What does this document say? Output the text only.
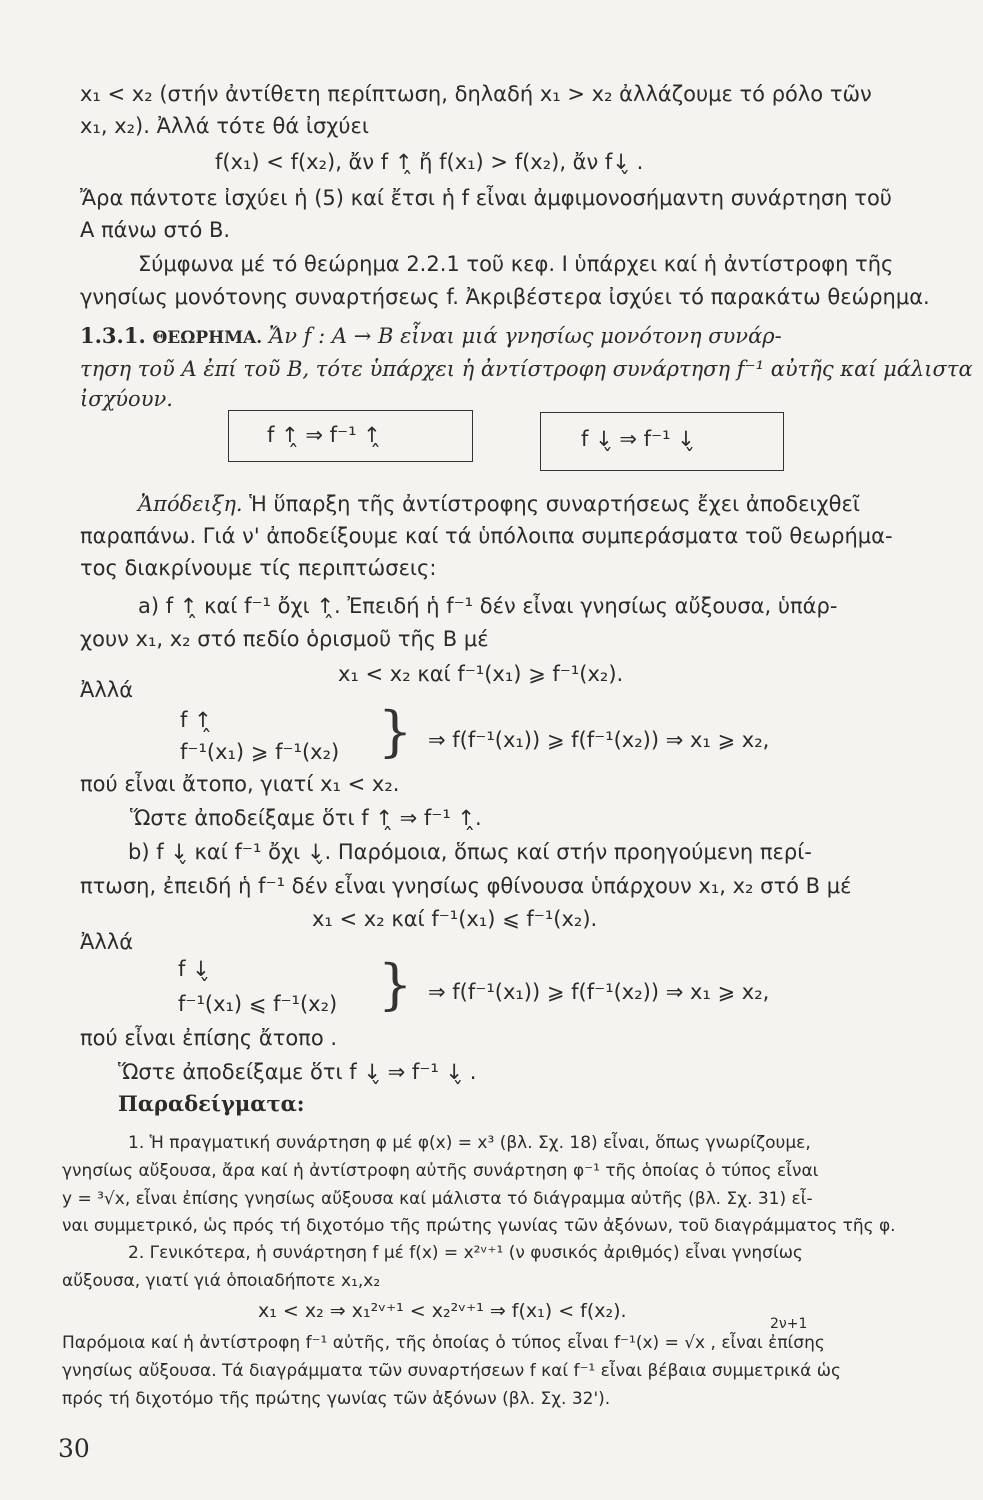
x₁ < x₂ (στήν ἀντίθετη περίπτωση, δηλαδή x₁ > x₂ ἀλλάζουμε τό ρόλο τῶν
x₁, x₂). Ἀλλά τότε θά ἰσχύει
f(x₁) < f(x₂), ἄν f ↑̭ ἤ f(x₁) > f(x₂), ἄν f↓̬ .
Ἄρα πάντοτε ἰσχύει ἡ (5) καί ἔτσι ἡ f εἶναι ἀμφιμονοσήμαντη συνάρτηση τοῦ
A πάνω στό B.
Σύμφωνα μέ τό θεώρημα 2.2.1 τοῦ κεφ. I ὑπάρχει καί ἡ ἀντίστροφη τῆς
γνησίως μονότονης συναρτήσεως f. Ἀκριβέστερα ἰσχύει τό παρακάτω θεώρημα.
1.3.1. ΘΕΩΡΗΜΑ. Ἄν f : A → B εἶναι μιά γνησίως μονότονη συνάρ-
τηση τοῦ A ἐπί τοῦ B, τότε ὑπάρχει ἡ ἀντίστροφη συνάρτηση f⁻¹ αὐτῆς καί μάλιστα
ἰσχύουν.
f ↑̭ ⇒ f⁻¹ ↑̭	f ↓̬ ⇒ f⁻¹ ↓̬
Ἀπόδειξη. Ἡ ὕπαρξη τῆς ἀντίστροφης συναρτήσεως ἔχει ἀποδειχθεῖ
παραπάνω. Γιά ν' ἀποδείξουμε καί τά ὑπόλοιπα συμπεράσματα τοῦ θεωρήμα-
τος διακρίνουμε τίς περιπτώσεις:
a) f ↑̭ καί f⁻¹ ὄχι ↑̭. Ἐπειδή ἡ f⁻¹ δέν εἶναι γνησίως αὔξουσα, ὑπάρ-
χουν x₁, x₂ στό πεδίο ὁρισμοῦ τῆς B μέ
x₁ < x₂ καί f⁻¹(x₁) ⩾ f⁻¹(x₂).
Ἀλλά
f ↑̭
f⁻¹(x₁) ⩾ f⁻¹(x₂) } ⇒ f(f⁻¹(x₁)) ⩾ f(f⁻¹(x₂)) ⇒ x₁ ⩾ x₂,
πού εἶναι ἄτοπο, γιατί x₁ < x₂.
Ὥστε ἀποδείξαμε ὅτι f ↑̭ ⇒ f⁻¹ ↑̭.
b) f ↓̬ καί f⁻¹ ὄχι ↓̬. Παρόμοια, ὅπως καί στήν προηγούμενη περί-
πτωση, ἐπειδή ἡ f⁻¹ δέν εἶναι γνησίως φθίνουσα ὑπάρχουν x₁, x₂ στό B μέ
x₁ < x₂ καί f⁻¹(x₁) ⩽ f⁻¹(x₂).
Ἀλλά
f ↓̬
f⁻¹(x₁) ⩽ f⁻¹(x₂) } ⇒ f(f⁻¹(x₁)) ⩾ f(f⁻¹(x₂)) ⇒ x₁ ⩾ x₂,
πού εἶναι ἐπίσης ἄτοπο .
Ὥστε ἀποδείξαμε ὅτι f ↓̬ ⇒ f⁻¹ ↓̬ .
Παραδείγματα:
1. Ἡ πραγματική συνάρτηση φ μέ φ(x) = x³ (βλ. Σχ. 18) εἶναι, ὅπως γνωρίζουμε,
γνησίως αὔξουσα, ἄρα καί ἡ ἀντίστροφη αὐτῆς συνάρτηση φ⁻¹ τῆς ὁποίας ὁ τύπος εἶναι
y = ³√x, εἶναι ἐπίσης γνησίως αὔξουσα καί μάλιστα τό διάγραμμα αὐτῆς (βλ. Σχ. 31) εἶ-
ναι συμμετρικό, ὡς πρός τή διχοτόμο τῆς πρώτης γωνίας τῶν ἀξόνων, τοῦ διαγράμματος τῆς φ.
2. Γενικότερα, ἡ συνάρτηση f μέ f(x) = x²ᵛ⁺¹ (ν φυσικός ἀριθμός) εἶναι γνησίως
αὔξουσα, γιατί γιά ὁποιαδήποτε x₁,x₂
x₁ < x₂ ⇒ x₁²ᵛ⁺¹ < x₂²ᵛ⁺¹ ⇒ f(x₁) < f(x₂).
2ν+1
Παρόμοια καί ἡ ἀντίστροφη f⁻¹ αὐτῆς, τῆς ὁποίας ὁ τύπος εἶναι f⁻¹(x) = √x , εἶναι ἐπίσης
γνησίως αὔξουσα. Τά διαγράμματα τῶν συναρτήσεων f καί f⁻¹ εἶναι βέβαια συμμετρικά ὡς
πρός τή διχοτόμο τῆς πρώτης γωνίας τῶν ἀξόνων (βλ. Σχ. 32').
30
